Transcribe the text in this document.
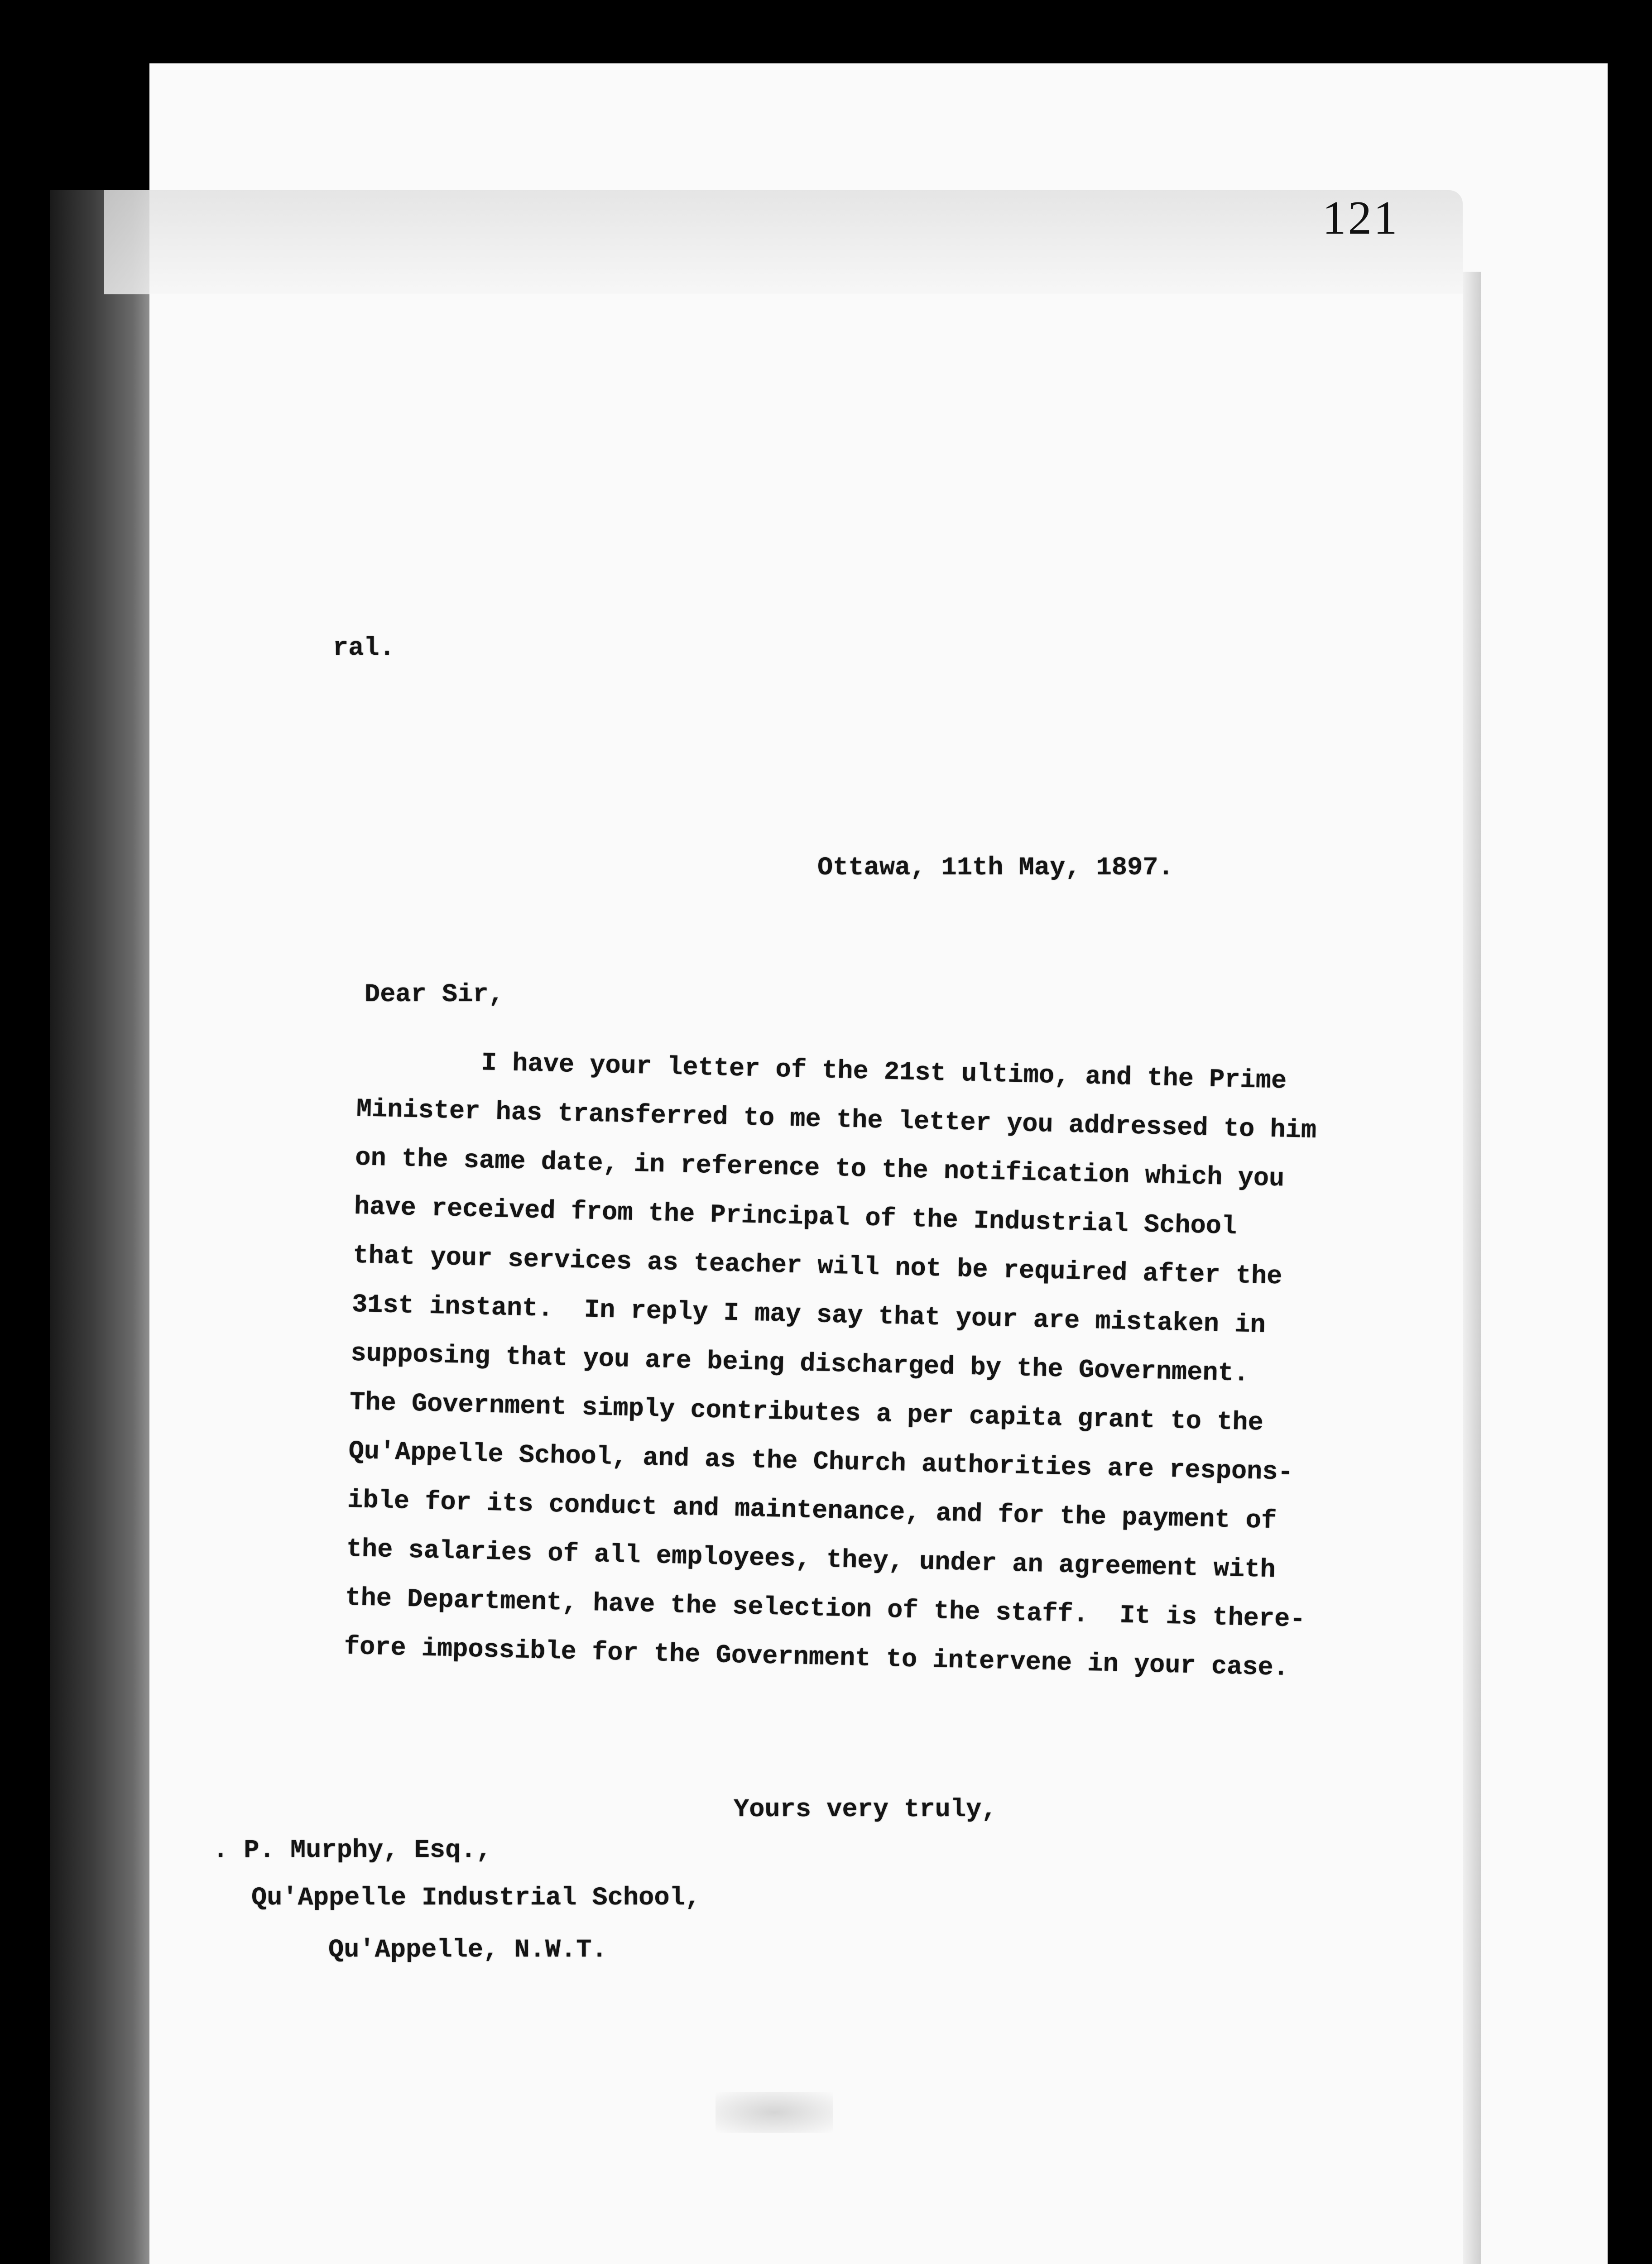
121
ral.
Ottawa, 11th May, 1897.
Dear Sir,
I have your letter of the 21st ultimo, and the Prime
Minister has transferred to me the letter you addressed to him
on the same date, in reference to the notification which you
have received from the Principal of the Industrial School
that your services as teacher will not be required after the
31st instant.  In reply I may say that your are mistaken in
supposing that you are being discharged by the Government.
The Government simply contributes a per capita grant to the
Qu'Appelle School, and as the Church authorities are respons-
ible for its conduct and maintenance, and for the payment of
the salaries of all employees, they, under an agreement with
the Department, have the selection of the staff.  It is there-
fore impossible for the Government to intervene in your case.
Yours very truly,
. P. Murphy, Esq.,
Qu'Appelle Industrial School,
Qu'Appelle, N.W.T.
